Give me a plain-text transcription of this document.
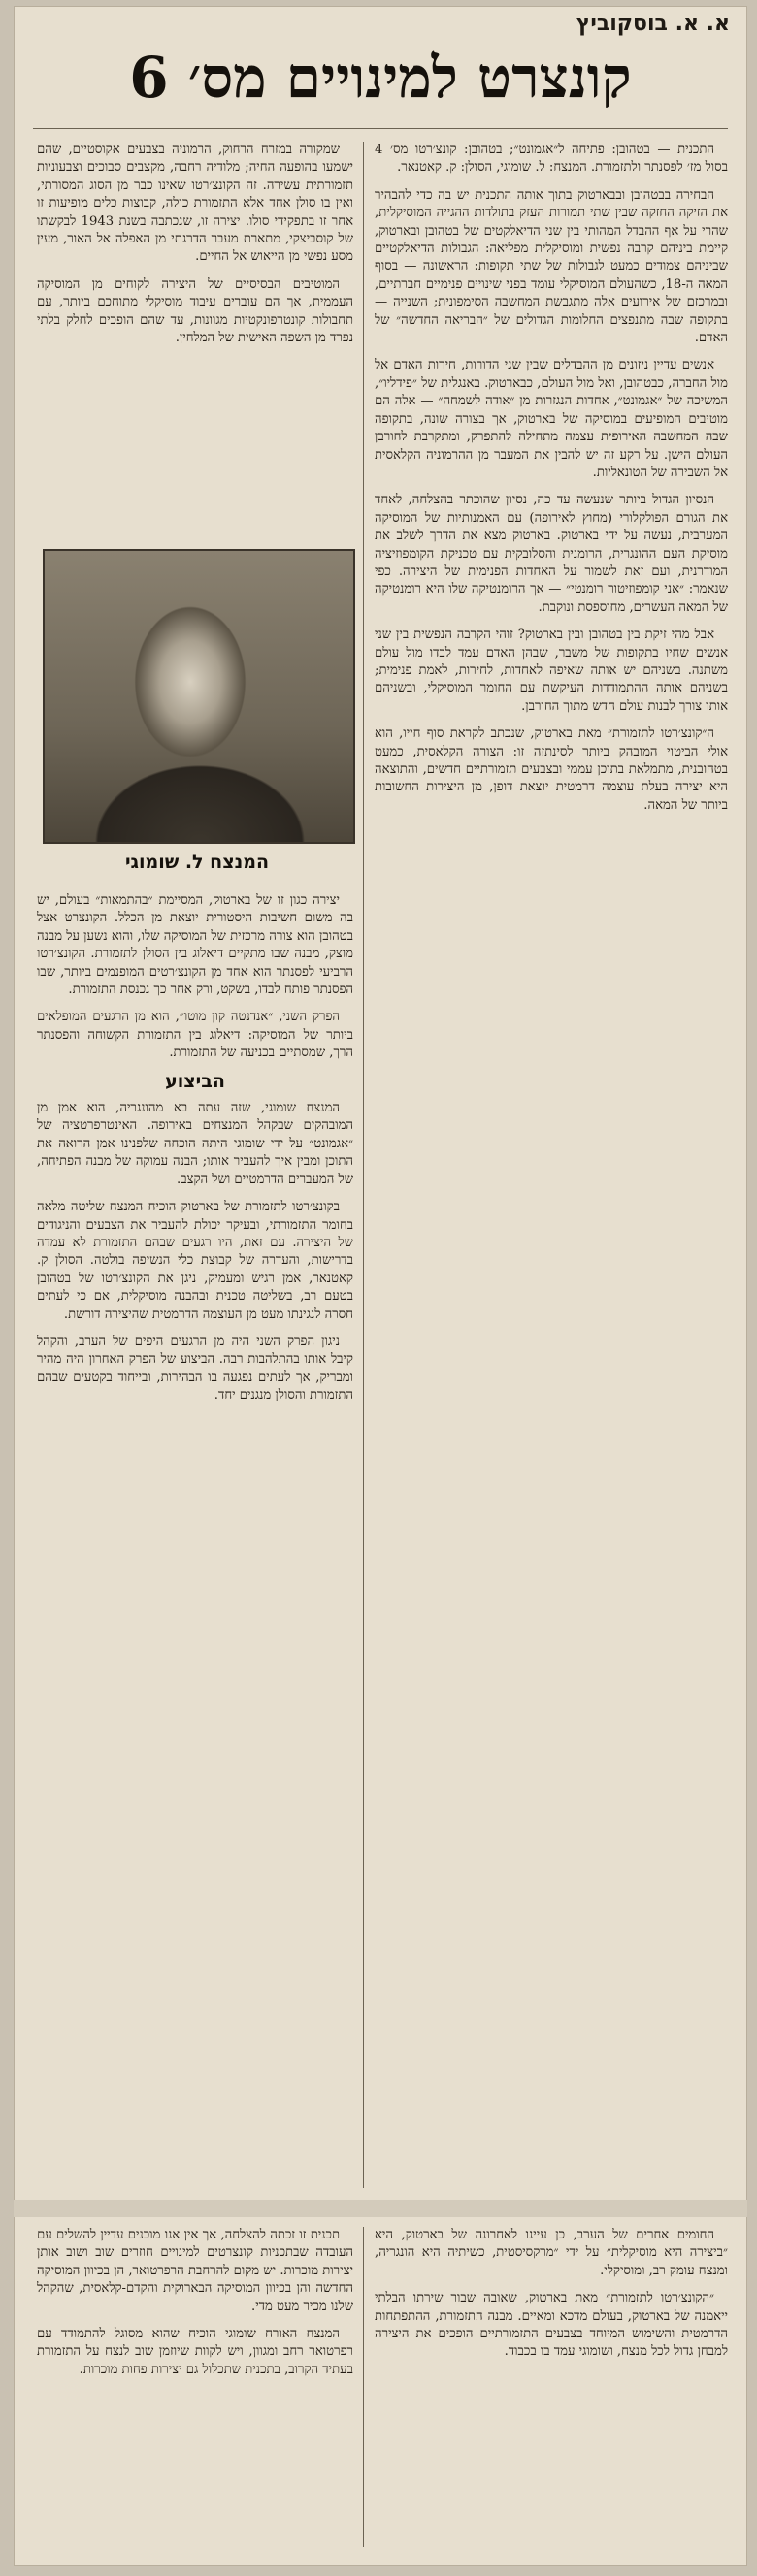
א. א. בוסקוביץ
קונצרט למינויים מס׳ 6

התכנית — בטהובן: פתיחה ל״אגמונט״; בטהובן: קונצ׳רטו מס׳ 4 בסול מז׳ לפסנתר ולתזמורת. המנצח: ל. שומוגי, הסולן: ק. קאטנאר.

הבחירה בבטהובן ובבארטוק בתוך אותה התכנית יש בה כדי להבהיר את הזיקה החזקה שבין שתי תמורות העזק בתולדות ההגייה המוסיקלית, שהרי על אף ההבדל המהותי בין שני הדיאלקטים של בטהובן ובארטוק, קיימת ביניהם קרבה נפשית ומוסיקלית מפליאה: הגבולות הדיאלקטיים שביניהם צמודים כמעט לגבולות של שתי תקופות: הראשונה — בסוף המאה ה-18, כשהעולם המוסיקלי עומד בפני שינויים פנימיים חברתיים, ובמרכזם של אירועים אלה מתגבשת המחשבה הסימפונית; השנייה — בתקופה שבה מתנפצים החלומות הגדולים של ״הבריאה החדשה״ של האדם.

אנשים עדיין ניזונים מן ההבדלים שבין שני הדורות, חירות האדם אל מול החברה, כבטהובן, ואל מול העולם, כבארטוק. באנגלית של ״פידליו״, המשיכה של ״אגמונט״, אחדות הנגזרות מן ״אודה לשמחה״ — אלה הם מוטיבים המופיעים במוסיקה של בארטוק, אך בצורה שונה, בתקופה שבה המחשבה האירופית עצמה מתחילה להתפרק, ומתקרבת לחורבן העולם הישן. על רקע זה יש להבין את המעבר מן ההרמוניה הקלאסית אל השבירה של הטונאליות.

הנסיון הגדול ביותר שנעשה עד כה, נסיון שהוכתר בהצלחה, לאחד את הגורם הפולקלורי (מחוץ לאירופה) עם האמנותיות של המוסיקה המערבית, נעשה על ידי בארטוק. בארטוק מצא את הדרך לשלב את מוסיקת העם ההונגרית, הרומנית והסלובקית עם טכניקת הקומפוזיציה המודרנית, ועם זאת לשמור על האחדות הפנימית של היצירה. כפי שנאמר: ״אני קומפוזיטור רומנטי״ — אך הרומנטיקה שלו היא רומנטיקה של המאה העשרים, מחוספסת ונוקבת.

אבל מהי זיקת בין בטהובן ובין בארטוק? זוהי הקרבה הנפשית בין שני אנשים שחיו בתקופות של משבר, שבהן האדם עמד לבדו מול עולם משתנה. בשניהם יש אותה שאיפה לאחדות, לחירות, לאמת פנימית; בשניהם אותה ההתמודדות העיקשת עם החומר המוסיקלי, ובשניהם אותו צורך לבנות עולם חדש מתוך החורבן.

ה״קונצ׳רטו לתזמורת״ מאת בארטוק, שנכתב לקראת סוף חייו, הוא אולי הביטוי המובהק ביותר לסינתזה זו: הצורה הקלאסית, כמעט בטהובנית, מתמלאת בתוכן עממי ובצבעים תזמורתיים חדשים, והתוצאה היא יצירה בעלת עוצמה דרמטית יוצאת דופן, מן היצירות החשובות ביותר של המאה.

שמקורה במזרח הרחוק, הרמוניה בצבעים אקוסטיים, שהם ישמעו בהופעה החיה; מלודיה רחבה, מקצבים סבוכים וצבעוניות תזמורתית עשירה. זה הקונצ׳רטו שאינו כבר מן הסוג המסורתי, ואין בו סולן אחד אלא התזמורת כולה, קבוצות כלים מופיעות זו אחר זו בתפקידי סולו. יצירה זו, שנכתבה בשנת 1943 לבקשתו של קוסביצקי, מתארת מעבר הדרגתי מן האפלה אל האור, מעין מסע נפשי מן הייאוש אל החיים.

המוטיבים הבסיסיים של היצירה לקוחים מן המוסיקה העממית, אך הם עוברים עיבוד מוסיקלי מתוחכם ביותר, עם תחבולות קונטרפונקטיות מגוונות, עד שהם הופכים לחלק בלתי נפרד מן השפה האישית של המלחין.

המנצח ל. שומוגי

יצירה כגון זו של בארטוק, המסיימת ״בהתמאות״ בעולם, יש בה משום חשיבות היסטורית יוצאת מן הכלל. הקונצרט אצל בטהובן הוא צורה מרכזית של המוסיקה שלו, והוא נשען על מבנה מוצק, מבנה שבו מתקיים דיאלוג בין הסולן לתזמורת. הקונצ׳רטו הרביעי לפסנתר הוא אחד מן הקונצ׳רטים המופנמים ביותר, שבו הפסנתר פותח לבדו, בשקט, ורק אחר כך נכנסת התזמורת.

הפרק השני, ״אנדנטה קון מוטו״, הוא מן הרגעים המופלאים ביותר של המוסיקה: דיאלוג בין התזמורת הקשוחה והפסנתר הרך, שמסתיים בכניעה של התזמורת.

הביצוע

המנצח שומוגי, שזה עתה בא מהונגריה, הוא אמן מן המובהקים שבקהל המנצחים באירופה. האינטרפרטציה של ״אגמונט״ על ידי שומוגי היתה הוכחה שלפנינו אמן הרואה את התוכן ומבין איך להעביר אותו; הבנה עמוקה של מבנה הפתיחה, של המעברים הדרמטיים ושל הקצב.

בקונצ׳רטו לתזמורת של בארטוק הוכיח המנצח שליטה מלאה בחומר התזמורתי, ובעיקר יכולת להעביר את הצבעים והניגודים של היצירה. עם זאת, היו רגעים שבהם התזמורת לא עמדה בדרישות, והעדרה של קבוצת כלי הנשיפה בולטה. הסולן ק. קאטנאר, אמן רגיש ומעמיק, ניגן את הקונצ׳רטו של בטהובן בטעם רב, בשליטה טכנית ובהבנה מוסיקלית, אם כי לעתים חסרה לנגינתו מעט מן העוצמה הדרמטית שהיצירה דורשת.

ניגון הפרק השני היה מן הרגעים היפים של הערב, והקהל קיבל אותו בהתלהבות רבה. הביצוע של הפרק האחרון היה מהיר ומבריק, אך לעתים נפגעה בו הבהירות, ובייחוד בקטעים שבהם התזמורת והסולן מנגנים יחד.

החומים אחרים של הערב, כן עיינו לאחרונה של בארטוק, היא ״ביצירה היא מוסיקלית״ על ידי ״מרקסיסטית, כשיתיה היא הונגריה, ומנצח עומק רב, ומוסיקלי.

״הקונצ׳רטו לתזמורת״ מאת בארטוק, שאובה שבור שירתו הבלתי ייאמנה של בארטוק, בעולם מדכא ומאיים. מבנה התזמורת, ההתפתחות הדרמטית והשימוש המיוחד בצבעים התזמורתיים הופכים את היצירה למבחן גדול לכל מנצח, ושומוגי עמד בו בכבוד.

תכנית זו זכתה להצלחה, אך אין אנו מוכנים עדיין להשלים עם העובדה שבתכניות קונצרטים למינויים חוזרים שוב ושוב אותן יצירות מוכרות. יש מקום להרחבת הרפרטואר, הן בכיוון המוסיקה החדשה והן בכיוון המוסיקה הבארוקית והקדם-קלאסית, שהקהל שלנו מכיר מעט מדי.

המנצח האורח שומוגי הוכיח שהוא מסוגל להתמודד עם רפרטואר רחב ומגוון, ויש לקוות שיוזמן שוב לנצח על התזמורת בעתיד הקרוב, בתכנית שתכלול גם יצירות פחות מוכרות.
